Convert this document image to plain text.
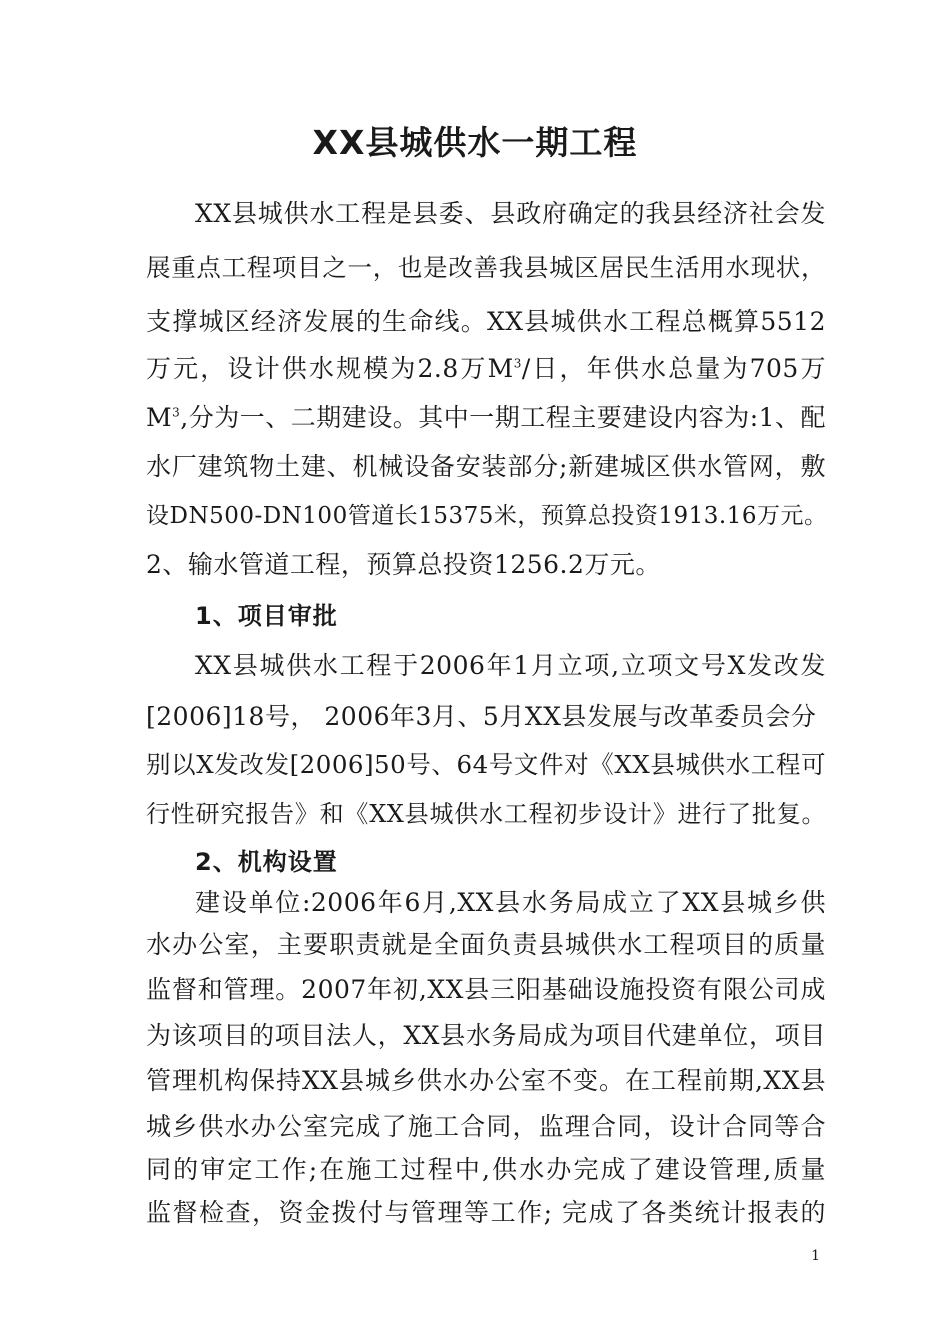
XX县城供水一期工程
XX县城供水工程是县委、县政府确定的我县经济社会发
展重点工程项目之一，也是改善我县城区居民生活用水现状，
支撑城区经济发展的生命线。XX县城供水工程总概算5512
万元，设计供水规模为2.8万$M^3/$日，年供水总量为705万
$M^3$,分为一、二期建设。其中一期工程主要建设内容为:1、配
水厂建筑物土建、机械设备安装部分;新建城区供水管网，敷
设DN500-DN100管道长15375米，预算总投资1913.16万元。
2、输水管道工程，预算总投资1256.2万元。
1、项目审批
XX县城供水工程于2006年1月立项,立项文号X发改发
[2006]18号， 2006年3月、5月XX县发展与改革委员会分
别以X发改发[2006]50号、64号文件对《XX县城供水工程可
行性研究报告》和《XX县城供水工程初步设计》进行了批复。
2、机构设置
建设单位:2006年6月,XX县水务局成立了XX县城乡供
水办公室，主要职责就是全面负责县城供水工程项目的质量
监督和管理。2007年初,XX县三阳基础设施投资有限公司成
为该项目的项目法人，XX县水务局成为项目代建单位，项目
管理机构保持XX县城乡供水办公室不变。在工程前期,XX县
城乡供水办公室完成了施工合同，监理合同，设计合同等合
同的审定工作;在施工过程中,供水办完成了建设管理,质量
监督检查，资金拨付与管理等工作; 完成了各类统计报表的
1
